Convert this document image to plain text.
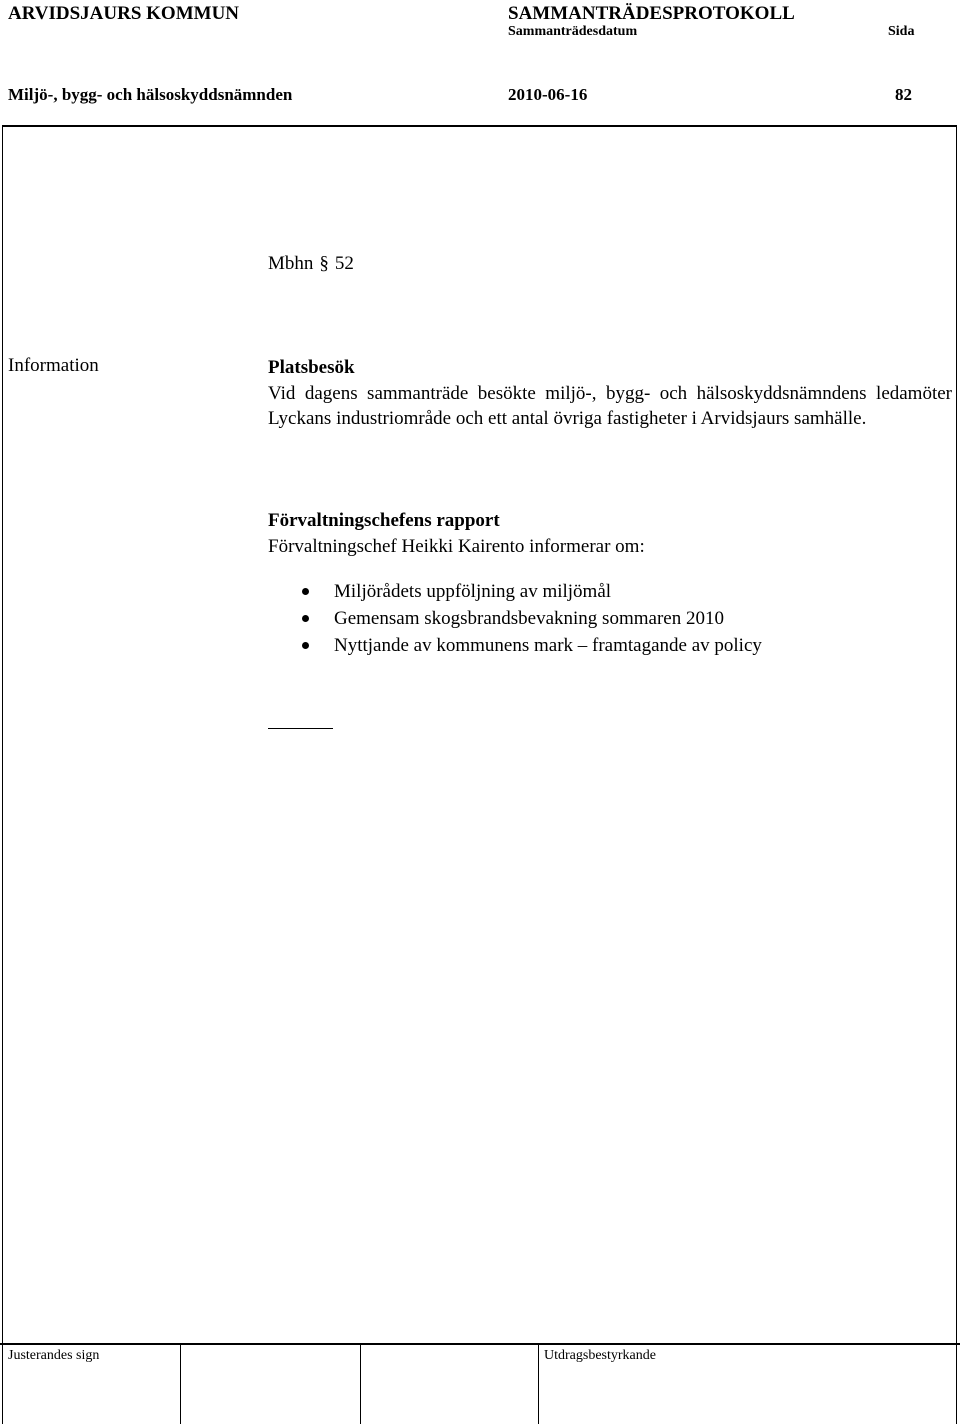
ARVIDSJAURS KOMMUN	SAMMANTRÄDESPROTOKOLL
Sammanträdesdatum	Sida
Miljö-, bygg- och hälsoskyddsnämnden	2010-06-16	82
Mbhn § 52
Information	Platsbesök
Vid dagens sammanträde besökte miljö-, bygg- och hälsoskyddsnämndens ledamöter Lyckans industriområde och ett antal övriga fastigheter i Arvidsjaurs samhälle.
Förvaltningschefens rapport
Förvaltningschef Heikki Kairento informerar om:
Miljörådets uppföljning av miljömål
Gemensam skogsbrandsbevakning sommaren 2010
Nyttjande av kommunens mark – framtagande av policy
Justerandes sign	Utdragsbestyrkande
